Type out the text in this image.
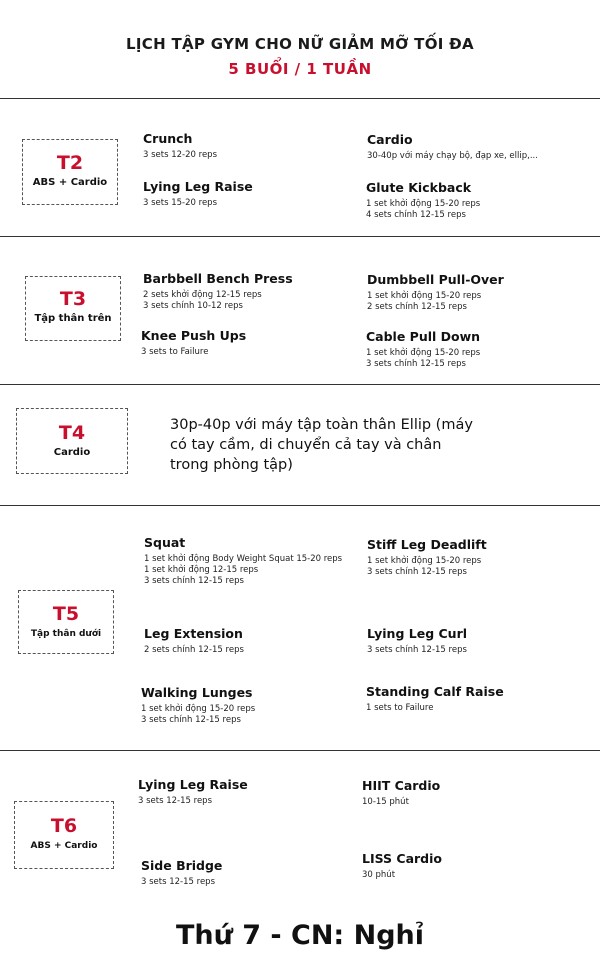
LỊCH TẬP GYM CHO NỮ GIẢM MỠ TỐI ĐA
5 BUỔI / 1 TUẦN
T2
ABS + Cardio
Crunch
3 sets 12-20 reps
Cardio
30-40p với máy chạy bộ, đạp xe, ellip,...
Lying Leg Raise
3 sets 15-20 reps
Glute Kickback
1 set khởi động 15-20 reps
4 sets chính 12-15 reps
T3
Tập thân trên
Barbbell Bench Press
2 sets khởi động 12-15 reps
3 sets chính 10-12 reps
Dumbbell Pull-Over
1 set khởi động 15-20 reps
2 sets chính 12-15 reps
Knee Push Ups
3 sets to Failure
Cable Pull Down
1 set khởi động 15-20 reps
3 sets chính 12-15 reps
T4
Cardio
30p-40p với máy tập toàn thân Ellip (máy
có tay cầm, di chuyển cả tay và chân
trong phòng tập)
T5
Tập thân dưới
Squat
1 set khởi động Body Weight Squat 15-20 reps
1 set khởi động 12-15 reps
3 sets chính 12-15 reps
Stiff Leg Deadlift
1 set khởi động 15-20 reps
3 sets chính 12-15 reps
Leg Extension
2 sets chính 12-15 reps
Lying Leg Curl
3 sets chính 12-15 reps
Walking Lunges
1 set khởi động 15-20 reps
3 sets chính 12-15 reps
Standing Calf Raise
1 sets to Failure
T6
ABS + Cardio
Lying Leg Raise
3 sets 12-15 reps
HIIT Cardio
10-15 phút
Side Bridge
3 sets 12-15 reps
LISS Cardio
30 phút
Thứ 7 - CN: Nghỉ
